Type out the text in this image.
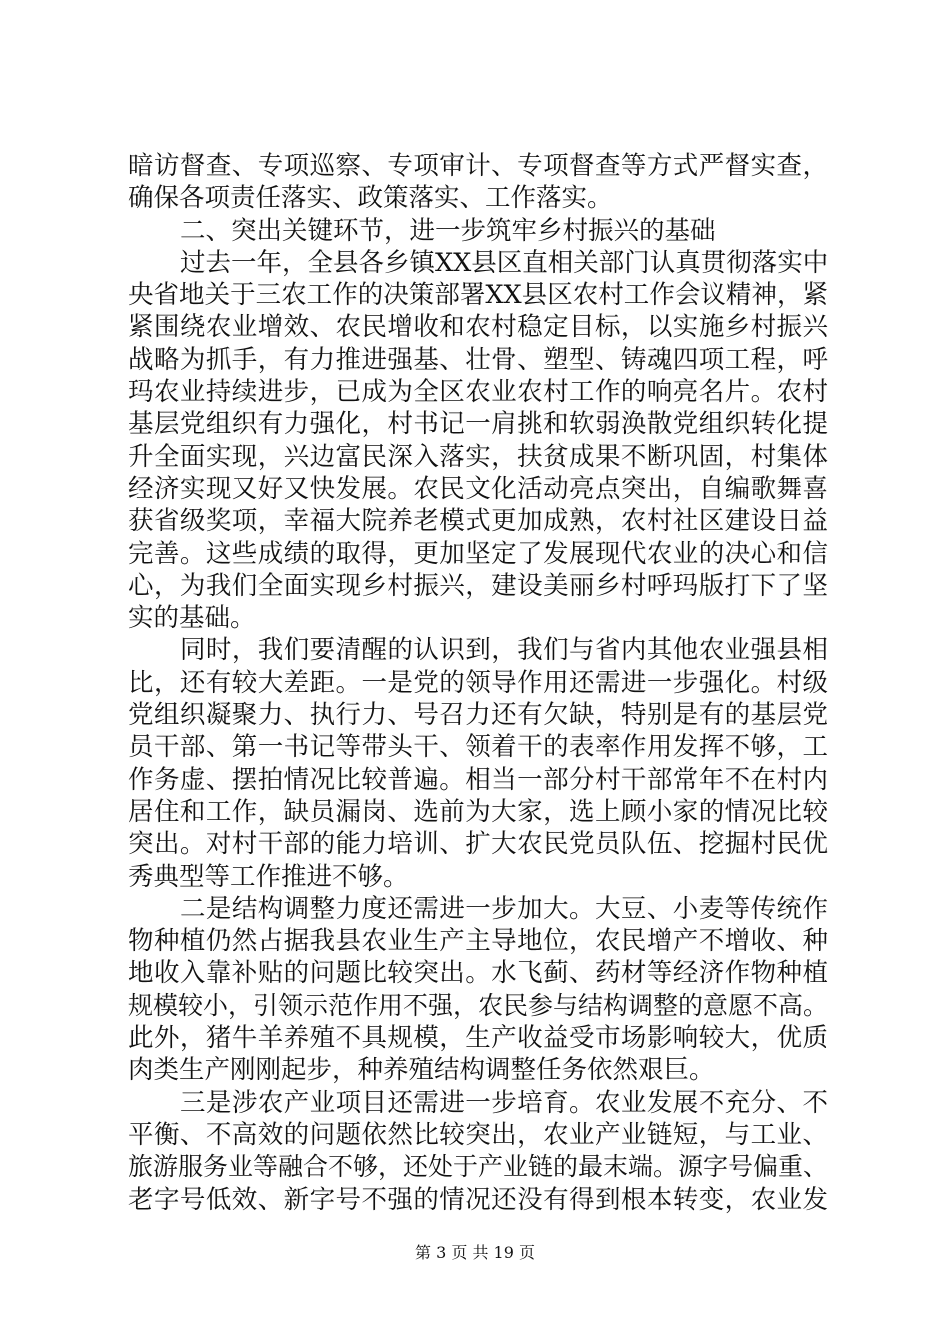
暗访督查、专项巡察、专项审计、专项督查等方式严督实查，
确保各项责任落实、政策落实、工作落实。
二、突出关键环节，进一步筑牢乡村振兴的基础
过去一年，全县各乡镇XX县区直相关部门认真贯彻落实中
央省地关于三农工作的决策部署XX县区农村工作会议精神，紧
紧围绕农业增效、农民增收和农村稳定目标，以实施乡村振兴
战略为抓手，有力推进强基、壮骨、塑型、铸魂四项工程，呼
玛农业持续进步，已成为全区农业农村工作的响亮名片。农村
基层党组织有力强化，村书记一肩挑和软弱涣散党组织转化提
升全面实现，兴边富民深入落实，扶贫成果不断巩固，村集体
经济实现又好又快发展。农民文化活动亮点突出，自编歌舞喜
获省级奖项，幸福大院养老模式更加成熟，农村社区建设日益
完善。这些成绩的取得，更加坚定了发展现代农业的决心和信
心，为我们全面实现乡村振兴，建设美丽乡村呼玛版打下了坚
实的基础。
同时，我们要清醒的认识到，我们与省内其他农业强县相
比，还有较大差距。一是党的领导作用还需进一步强化。村级
党组织凝聚力、执行力、号召力还有欠缺，特别是有的基层党
员干部、第一书记等带头干、领着干的表率作用发挥不够，工
作务虚、摆拍情况比较普遍。相当一部分村干部常年不在村内
居住和工作，缺员漏岗、选前为大家，选上顾小家的情况比较
突出。对村干部的能力培训、扩大农民党员队伍、挖掘村民优
秀典型等工作推进不够。
二是结构调整力度还需进一步加大。大豆、小麦等传统作
物种植仍然占据我县农业生产主导地位，农民增产不增收、种
地收入靠补贴的问题比较突出。水飞蓟、药材等经济作物种植
规模较小，引领示范作用不强，农民参与结构调整的意愿不高。
此外，猪牛羊养殖不具规模，生产收益受市场影响较大，优质
肉类生产刚刚起步，种养殖结构调整任务依然艰巨。
三是涉农产业项目还需进一步培育。农业发展不充分、不
平衡、不高效的问题依然比较突出，农业产业链短，与工业、
旅游服务业等融合不够，还处于产业链的最末端。源字号偏重、
老字号低效、新字号不强的情况还没有得到根本转变，农业发
第 3 页 共 19 页
